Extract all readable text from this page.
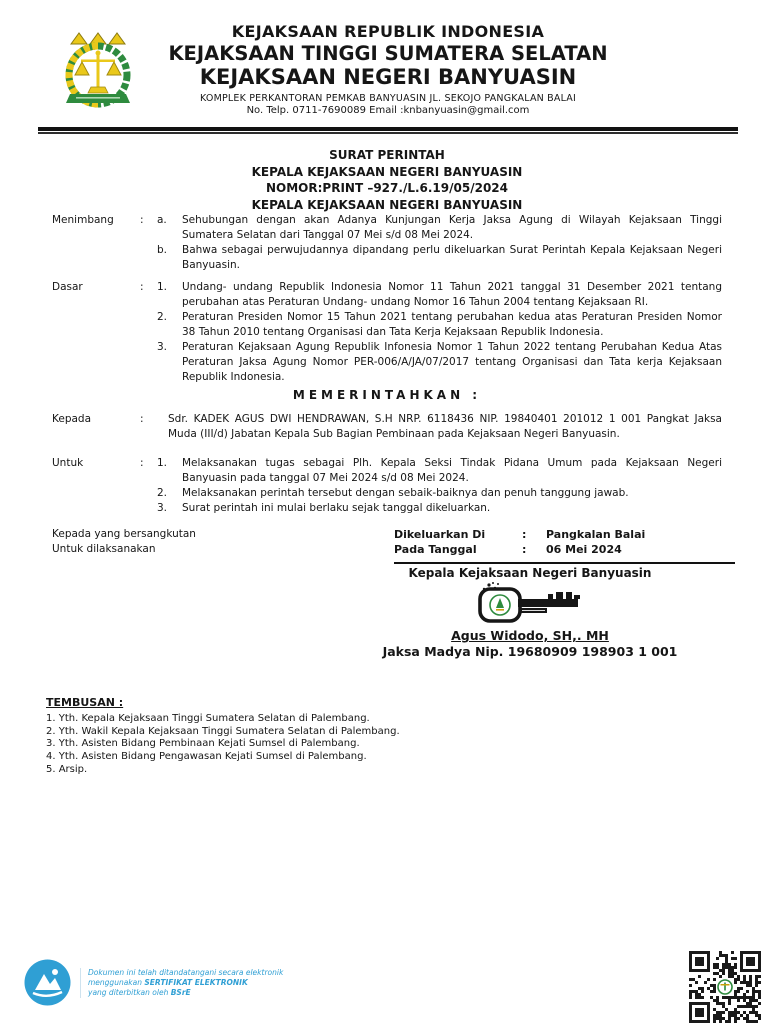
KEJAKSAAN REPUBLIK INDONESIA
KEJAKSAAN TINGGI SUMATERA SELATAN
KEJAKSAAN NEGERI BANYUASIN
KOMPLEK PERKANTORAN PEMKAB BANYUASIN JL. SEKOJO PANGKALAN BALAI
No. Telp. 0711-7690089 Email :knbanyuasin@gmail.com
SURAT PERINTAH
KEPALA KEJAKSAAN NEGERI BANYUASIN
NOMOR:PRINT –927./L.6.19/05/2024
KEPALA KEJAKSAAN NEGERI BANYUASIN
Menimbang	:	a.	Sehubungan dengan akan Adanya Kunjungan Kerja Jaksa Agung di Wilayah Kejaksaan Tinggi Sumatera Selatan dari Tanggal 07 Mei s/d 08 Mei 2024.
b.	Bahwa sebagai perwujudannya dipandang perlu dikeluarkan Surat Perintah Kepala Kejaksaan Negeri Banyuasin.
Dasar	:	1.	Undang- undang Republik Indonesia Nomor 11 Tahun 2021 tanggal 31 Desember 2021 tentang perubahan atas Peraturan Undang- undang Nomor 16 Tahun 2004 tentang Kejaksaan RI.
2.	Peraturan Presiden Nomor 15 Tahun 2021 tentang perubahan kedua atas Peraturan Presiden Nomor 38 Tahun 2010 tentang Organisasi dan Tata Kerja Kejaksaan Republik Indonesia.
3.	Peraturan Kejaksaan Agung Republik Infonesia Nomor 1 Tahun 2022 tentang Perubahan Kedua Atas Peraturan Jaksa Agung Nomor PER-006/A/JA/07/2017 tentang Organisasi dan Tata kerja Kejaksaan Republik Indonesia.
MEMERINTAHKAN :
Kepada	:	Sdr. KADEK AGUS DWI HENDRAWAN, S.H NRP. 6118436 NIP. 19840401 201012 1 001 Pangkat Jaksa Muda (III/d) Jabatan Kepala Sub Bagian Pembinaan pada Kejaksaan Negeri Banyuasin.
Untuk	:	1.	Melaksanakan tugas sebagai Plh. Kepala Seksi Tindak Pidana Umum pada Kejaksaan Negeri Banyuasin pada tanggal 07 Mei 2024 s/d 08 Mei 2024.
2.	Melaksanakan perintah tersebut dengan sebaik-baiknya dan penuh tanggung jawab.
3.	Surat perintah ini mulai berlaku sejak tanggal dikeluarkan.
Kepada yang bersangkutan
Untuk dilaksanakan
Dikeluarkan Di	:	Pangkalan Balai
Pada Tanggal	:	06 Mei 2024
Kepala Kejaksaan Negeri Banyuasin
Agus Widodo, SH,. MH
Jaksa Madya Nip. 19680909 198903 1 001
TEMBUSAN :
1. Yth. Kepala Kejaksaan Tinggi Sumatera Selatan di Palembang.
2. Yth. Wakil Kepala Kejaksaan Tinggi Sumatera Selatan di Palembang.
3. Yth. Asisten Bidang Pembinaan Kejati Sumsel di Palembang.
4. Yth. Asisten Bidang Pengawasan Kejati Sumsel di Palembang.
5. Arsip.
Dokumen ini telah ditandatangani secara elektronik
menggunakan SERTIFIKAT ELEKTRONIK
yang diterbitkan oleh BSrE
